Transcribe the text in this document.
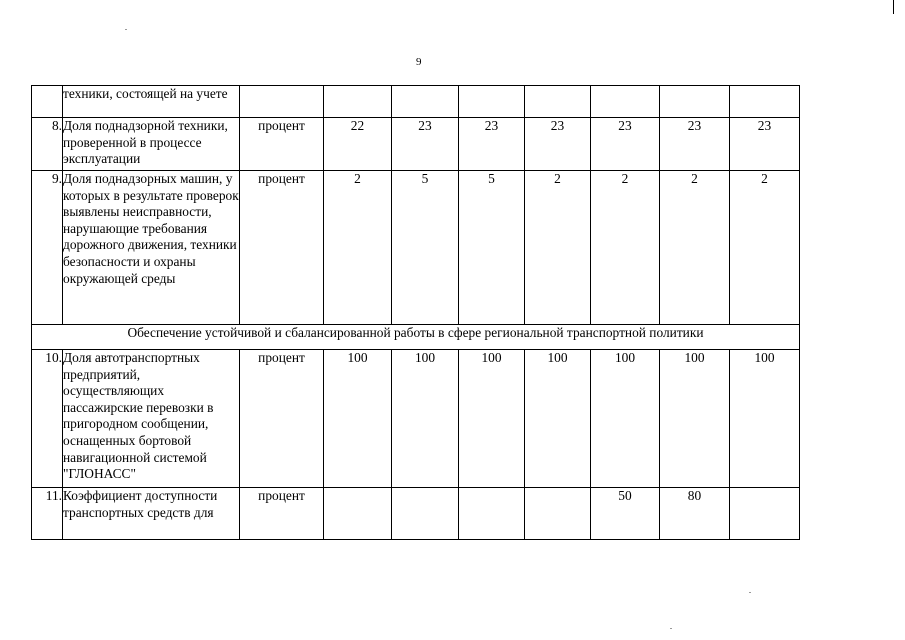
9
	техники, состоящей на учете								
8.	Доля поднадзорной техники, проверенной в процессе эксплуатации	процент	22	23	23	23	23	23	23
9.	Доля поднадзорных машин, у которых в результате проверок выявлены неисправности, нарушающие требования дорожного движения, техники безопасности и охраны окружающей среды	процент	2	5	5	2	2	2	2
Обеспечение устойчивой и сбалансированной работы в сфере региональной транспортной политики									
10.	Доля автотранспортных предприятий, осуществляющих пассажирские перевозки в пригородном сообщении, оснащенных бортовой навигационной системой "ГЛОНАСС"	процент	100	100	100	100	100	100	100
11.	Коэффициент доступности транспортных средств для	процент					50	80	
